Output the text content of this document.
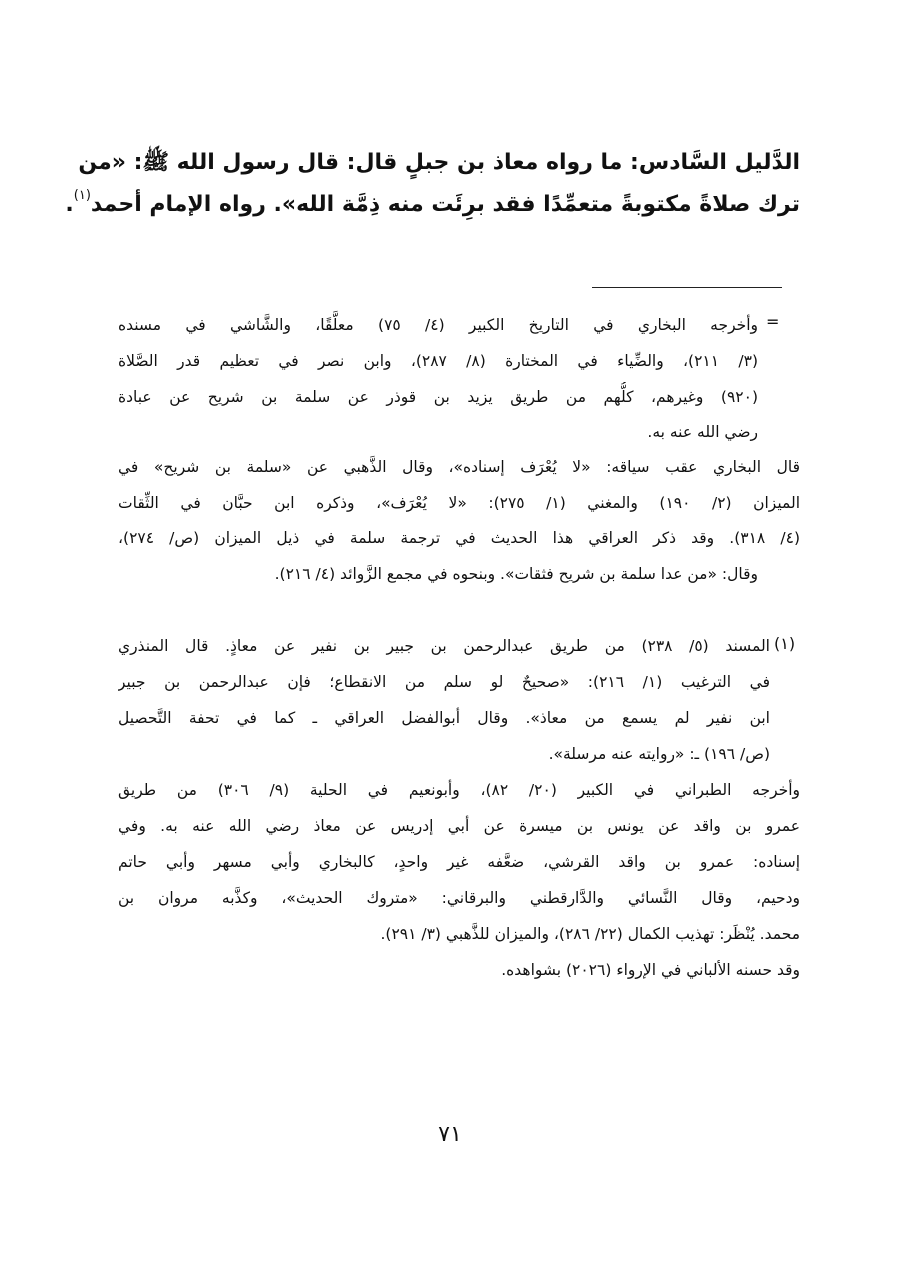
الدَّليل السَّادس: ما رواه معاذ بن جبلٍ قال: قال رسول الله ﷺ: «من
ترك صلاةً مكتوبةً متعمِّدًا فقد برِئَت منه ذِمَّة الله». رواه الإمام أحمد(١).
=
وأخرجه البخاري في التاريخ الكبير (٤/ ٧٥) معلَّقًا، والشَّاشي في مسنده
(٣/ ٢١١)، والضِّياء في المختارة (٨/ ٢٨٧)، وابن نصر في تعظيم قدر الصَّلاة
(٩٢٠) وغيرهم، كلُّهم من طريق يزيد بن قوذر عن سلمة بن شريح عن عبادة
رضي الله عنه به.
قال البخاري عقب سياقه: «لا يُعْرَف إسناده»، وقال الذَّهبي عن «سلمة بن شريح» في
الميزان (٢/ ١٩٠) والمغني (١/ ٢٧٥): «لا يُعْرَف»، وذكره ابن حبَّان في الثِّقات
(٤/ ٣١٨). وقد ذكر العراقي هذا الحديث في ترجمة سلمة في ذيل الميزان (ص/ ٢٧٤)،
وقال: «من عدا سلمة بن شريح فثقات». وبنحوه في مجمع الزَّوائد (٤/ ٢١٦).
(١)
المسند (٥/ ٢٣٨) من طريق عبدالرحمن بن جبير بن نفير عن معاذٍ. قال المنذري
في الترغيب (١/ ٢١٦): «صحيحٌ لو سلم من الانقطاع؛ فإن عبدالرحمن بن جبير
ابن نفير لم يسمع من معاذ». وقال أبوالفضل العراقي ـ كما في تحفة التَّحصيل
(ص/ ١٩٦) ـ: «روايته عنه مرسلة».
وأخرجه الطبراني في الكبير (٢٠/ ٨٢)، وأبونعيم في الحلية (٩/ ٣٠٦) من طريق
عمرو بن واقد عن يونس بن ميسرة عن أبي إدريس عن معاذ رضي الله عنه به. وفي
إسناده: عمرو بن واقد القرشي، ضعَّفه غير واحدٍ، كالبخاري وأبي مسهر وأبي حاتم
ودحيم، وقال النَّسائي والدَّارقطني والبرقاني: «متروك الحديث»، وكذَّبه مروان بن
محمد. يُنْظَر: تهذيب الكمال (٢٢/ ٢٨٦)، والميزان للذَّهبي (٣/ ٢٩١).
وقد حسنه الألباني في الإرواء (٢٠٢٦) بشواهده.
٧١
